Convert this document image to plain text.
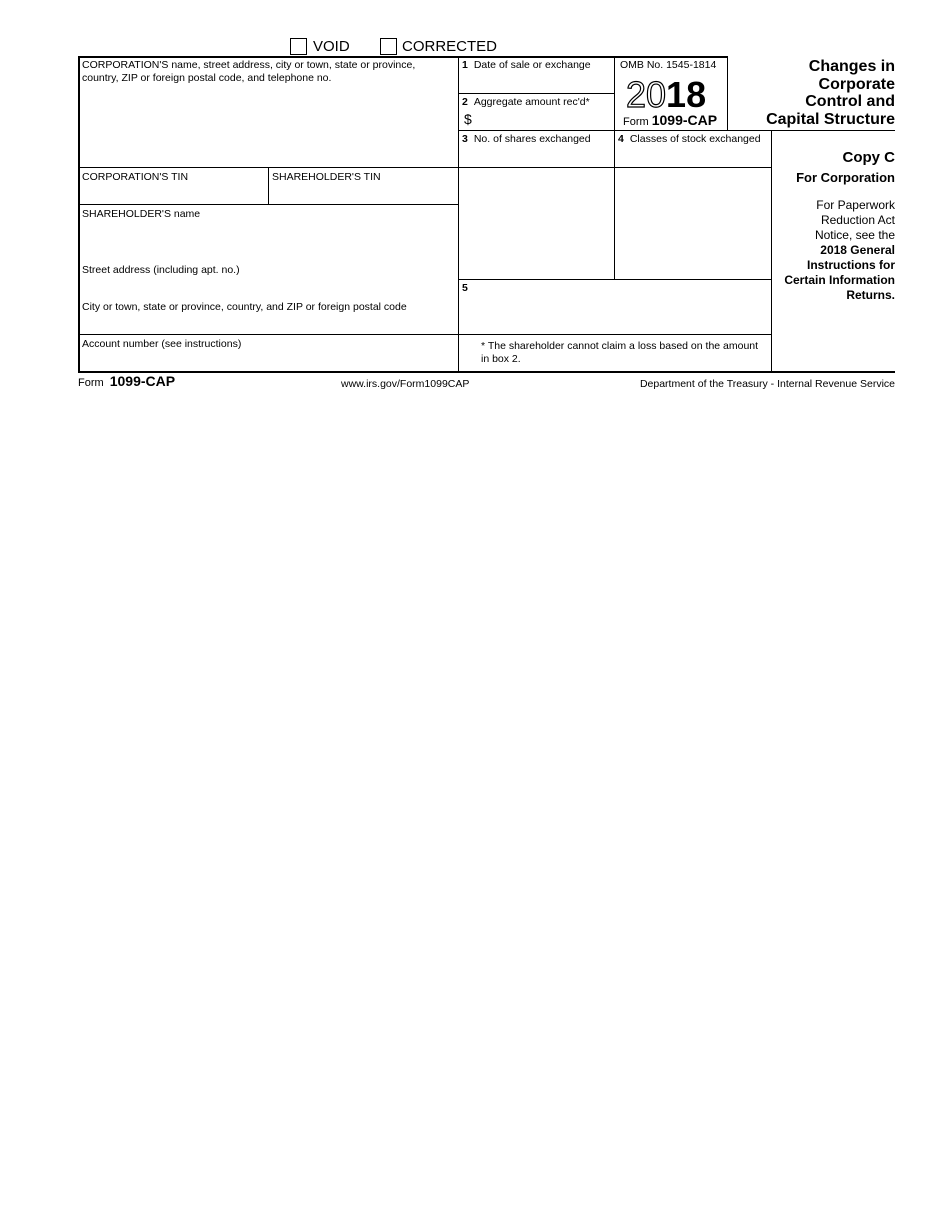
VOID	CORRECTED
CORPORATION'S name, street address, city or town, state or province, country, ZIP or foreign postal code, and telephone no.
CORPORATION'S TIN	SHAREHOLDER'S TIN
SHAREHOLDER'S name
Street address (including apt. no.)
City or town, state or province, country, and ZIP or foreign postal code
Account number (see instructions)
1 Date of sale or exchange
2 Aggregate amount rec'd*
$
3 No. of shares exchanged	4 Classes of stock exchanged
5
* The shareholder cannot claim a loss based on the amount in box 2.
OMB No. 1545-1814
2018
Form 1099-CAP
Changes in
Corporate
Control and
Capital Structure
Copy C
For Corporation
For Paperwork
Reduction Act
Notice, see the
2018 General
Instructions for
Certain Information
Returns.
Form 1099-CAP	www.irs.gov/Form1099CAP	Department of the Treasury - Internal Revenue Service
